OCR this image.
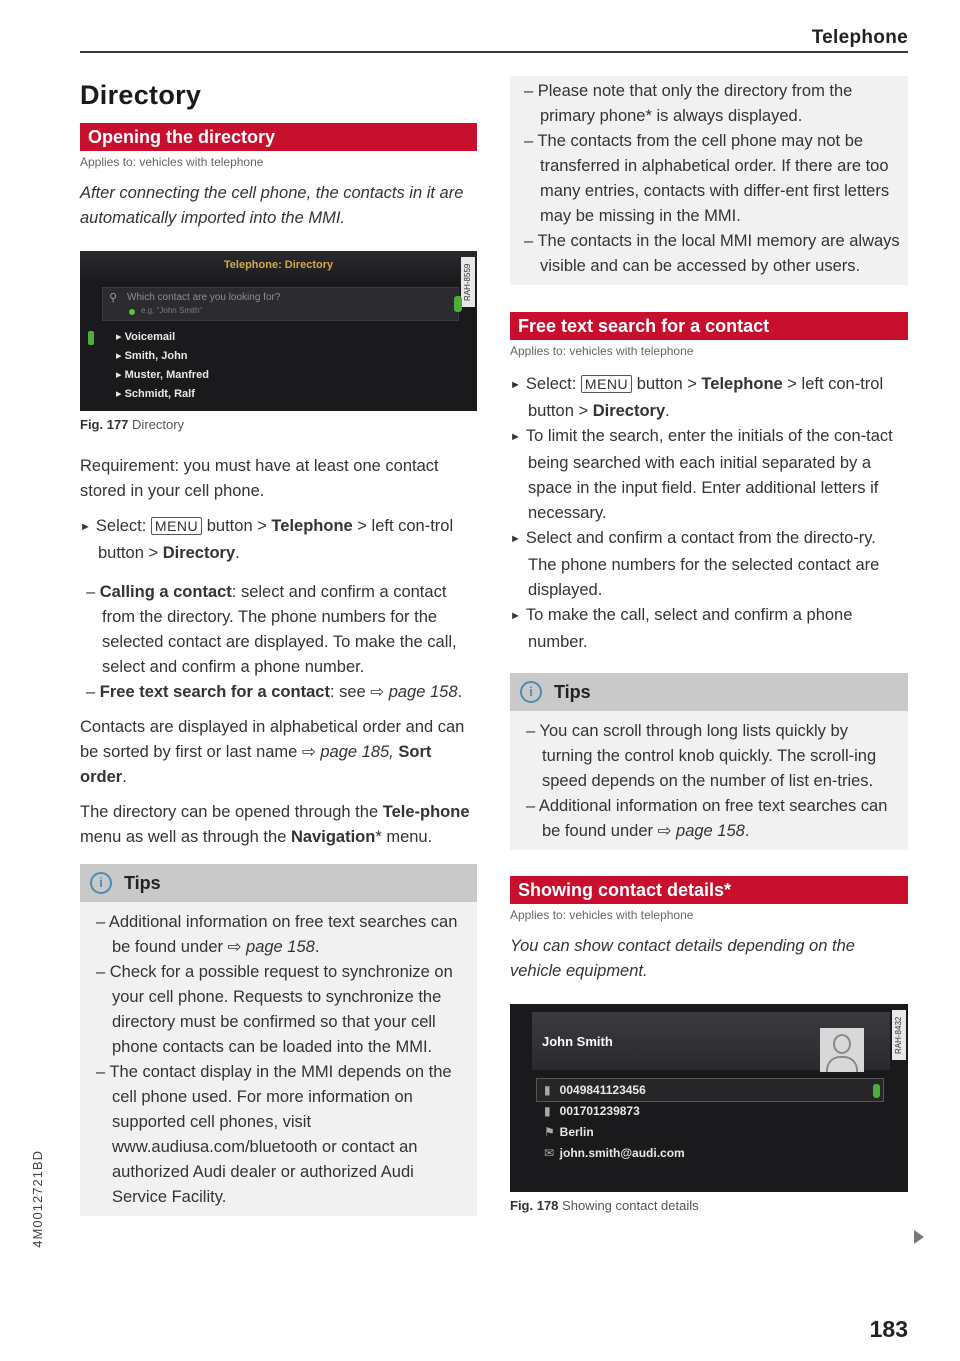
Telephone
Directory
Opening the directory
Applies to: vehicles with telephone
After connecting the cell phone, the contacts in it are automatically imported into the MMI.
Telephone: Directory	RAH-8559
⚲ Which contact are you looking for?
e.g. "John Smith"
▸ Voicemail
▸ Smith, John
▸ Muster, Manfred
▸ Schmidt, Ralf
Fig. 177 Directory

Requirement: you must have at least one contact stored in your cell phone.

► Select: MENU button > Telephone > left con-trol button > Directory.
– Calling a contact: select and confirm a contact from the directory. The phone numbers for the selected contact are displayed. To make the call, select and confirm a phone number.
– Free text search for a contact: see ⇨ page 158.

Contacts are displayed in alphabetical order and can be sorted by first or last name ⇨ page 185, Sort order.

The directory can be opened through the Tele-phone menu as well as through the Navigation* menu.

i	Tips
– Additional information on free text searches can be found under ⇨ page 158.
– Check for a possible request to synchronize on your cell phone. Requests to synchronize the directory must be confirmed so that your cell phone contacts can be loaded into the MMI.
– The contact display in the MMI depends on the cell phone used. For more information on supported cell phones, visit www.audiusa.com/bluetooth or contact an authorized Audi dealer or authorized Audi Service Facility.
– Please note that only the directory from the primary phone* is always displayed.
– The contacts from the cell phone may not be transferred in alphabetical order. If there are too many entries, contacts with differ-ent first letters may be missing in the MMI.
– The contacts in the local MMI memory are always visible and can be accessed by other users.
Free text search for a contact
Applies to: vehicles with telephone
► Select: MENU button > Telephone > left con-trol button > Directory.
► To limit the search, enter the initials of the con-tact being searched with each initial separated by a space in the input field. Enter additional letters if necessary.
► Select and confirm a contact from the directo-ry. The phone numbers for the selected contact are displayed.
► To make the call, select and confirm a phone number.
i	Tips
– You can scroll through long lists quickly by turning the control knob quickly. The scroll-ing speed depends on the number of list en-tries.
– Additional information on free text searches can be found under ⇨ page 158.
Showing contact details*
Applies to: vehicles with telephone
You can show contact details depending on the vehicle equipment.
John Smith	RAH-8432
▮ 0049841123456
▮ 001701239873
⚑ Berlin
✉ john.smith@audi.com
Fig. 178 Showing contact details
4M0012721BD
183
